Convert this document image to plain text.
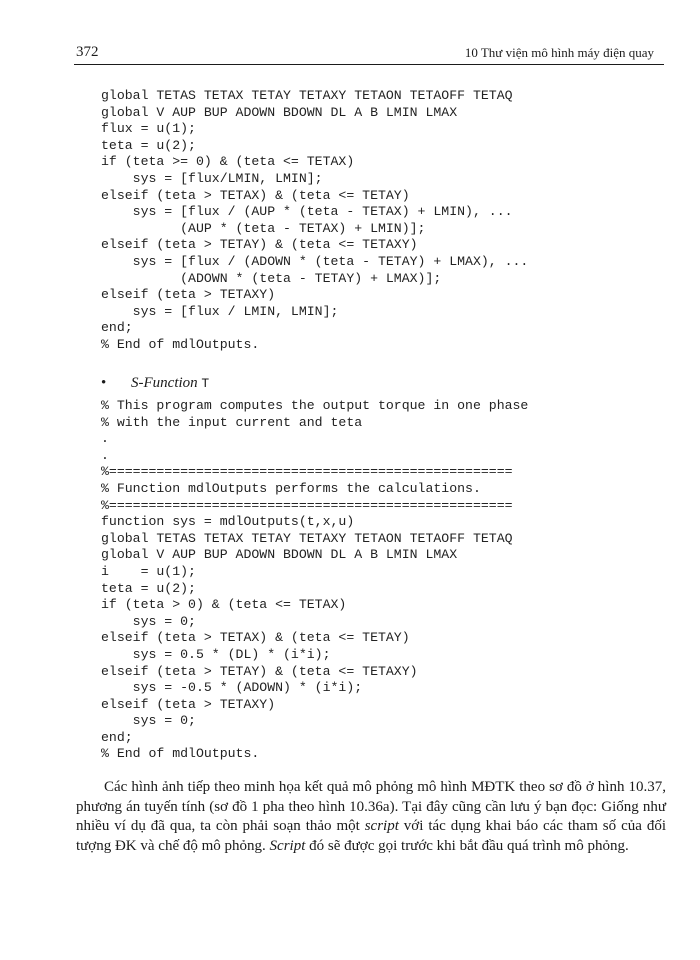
372	10 Thư viện mô hình máy điện quay
global TETAS TETAX TETAY TETAXY TETAON TETAOFF TETAQ
global V AUP BUP ADOWN BDOWN DL A B LMIN LMAX
flux = u(1);
teta = u(2);
if (teta >= 0) & (teta <= TETAX)
sys = [flux/LMIN, LMIN];
elseif (teta > TETAX) & (teta <= TETAY)
sys = [flux / (AUP * (teta - TETAX) + LMIN), ...
(AUP * (teta - TETAX) + LMIN)];
elseif (teta > TETAY) & (teta <= TETAXY)
sys = [flux / (ADOWN * (teta - TETAY) + LMAX), ...
(ADOWN * (teta - TETAY) + LMAX)];
elseif (teta > TETAXY)
sys = [flux / LMIN, LMIN];
end;
% End of mdlOutputs.
• S-Function T
% This program computes the output torque in one phase
% with the input current and teta
.
.
%===================================================
% Function mdlOutputs performs the calculations.
%===================================================
function sys = mdlOutputs(t,x,u)
global TETAS TETAX TETAY TETAXY TETAON TETAOFF TETAQ
global V AUP BUP ADOWN BDOWN DL A B LMIN LMAX
i    = u(1);
teta = u(2);
if (teta > 0) & (teta <= TETAX)
sys = 0;
elseif (teta > TETAX) & (teta <= TETAY)
sys = 0.5 * (DL) * (i*i);
elseif (teta > TETAY) & (teta <= TETAXY)
sys = -0.5 * (ADOWN) * (i*i);
elseif (teta > TETAXY)
sys = 0;
end;
% End of mdlOutputs.

Các hình ảnh tiếp theo minh họa kết quả mô phỏng mô hình MĐTK theo sơ đồ ở hình 10.37, phương án tuyến tính (sơ đồ 1 pha theo hình 10.36a). Tại đây cũng cần lưu ý bạn đọc: Giống như nhiều ví dụ đã qua, ta còn phải soạn thảo một script với tác dụng khai báo các tham số của đối tượng ĐK và chế độ mô phỏng. Script đó sẽ được gọi trước khi bắt đầu quá trình mô phỏng.
